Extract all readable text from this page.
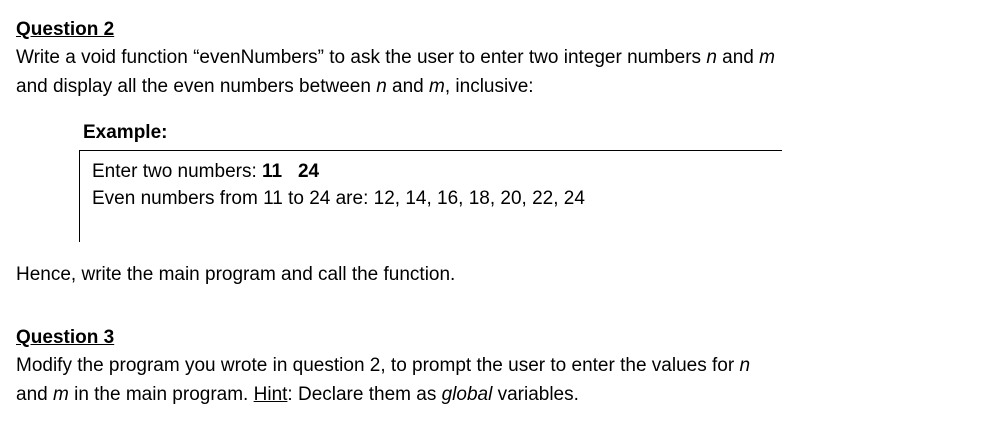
Question 2

Write a void function “evenNumbers” to ask the user to enter two integer numbers n and m
and display all the even numbers between n and m, inclusive:

Example:
Enter two numbers: 11   24
Even numbers from 11 to 24 are: 12, 14, 16, 18, 20, 22, 24

Hence, write the main program and call the function.

Question 3

Modify the program you wrote in question 2, to prompt the user to enter the values for n
and m in the main program. Hint: Declare them as global variables.
